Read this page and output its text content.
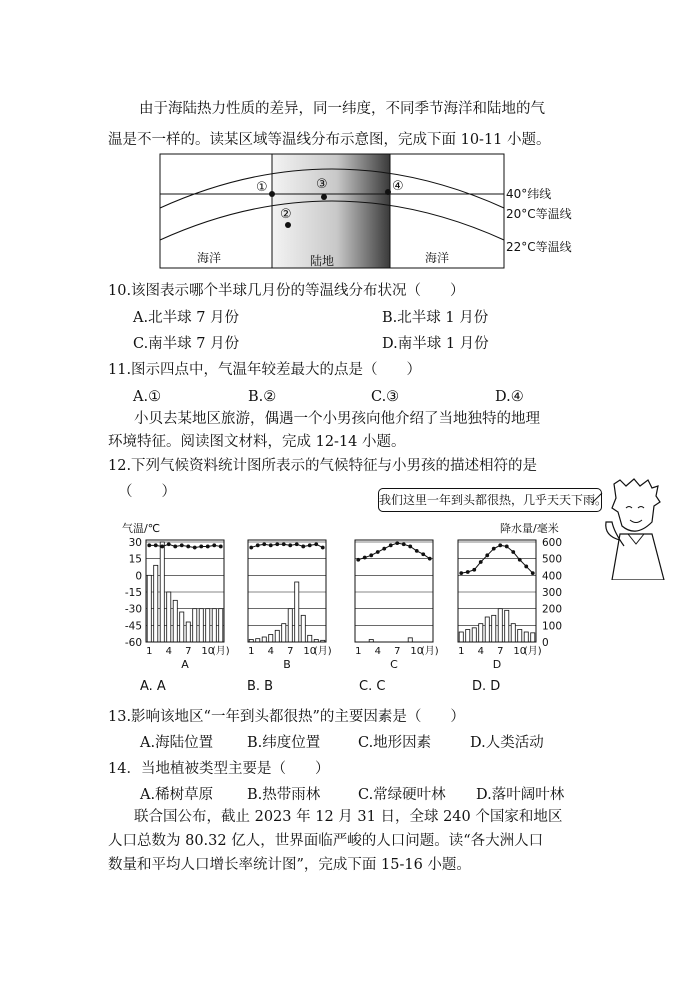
由于海陆热力性质的差异，同一纬度，不同季节海洋和陆地的气
温是不一样的。读某区域等温线分布示意图，完成下面 10-11 小题。
①
②
③	④
海洋	陆地	海洋
40°纬线
20°C等温线
22°C等温线
10.该图表示哪个半球几月份的等温线分布状况（　　）
A.北半球 7 月份	B.北半球 1 月份
C.南半球 7 月份	D.南半球 1 月份
11.图示四点中，气温年较差最大的点是（　　）
A.①	B.②	C.③	D.④
小贝去某地区旅游，偶遇一个小男孩向他介绍了当地独特的地理
环境特征。阅读图文材料，完成 12-14 小题。
12.下列气候资料统计图所表示的气候特征与小男孩的描述相符的是
（　　）	我们这里一年到头都很热，几乎天天下雨。
气温/℃	降水量/毫米
30
15
0
-15
-30
-45
-60
600
500
400
300
200
100
0
1 4 7 10
(月)
A
1 4 7 10
(月)
B
1 4 7 10
(月)
C
1 4 7 10
(月)
D
A. A	B. B	C. C	D. D
13.影响该地区“一年到头都很热”的主要因素是（　　）
A.海陆位置 B.纬度位置	C.地形因素	D.人类活动
14．当地植被类型主要是（　　）
A.稀树草原 B.热带雨林	C.常绿硬叶林 D.落叶阔叶林
联合国公布，截止 2023 年 12 月 31 日，全球 240 个国家和地区
人口总数为 80.32 亿人，世界面临严峻的人口问题。读“各大洲人口
数量和平均人口增长率统计图”，完成下面 15-16 小题。
